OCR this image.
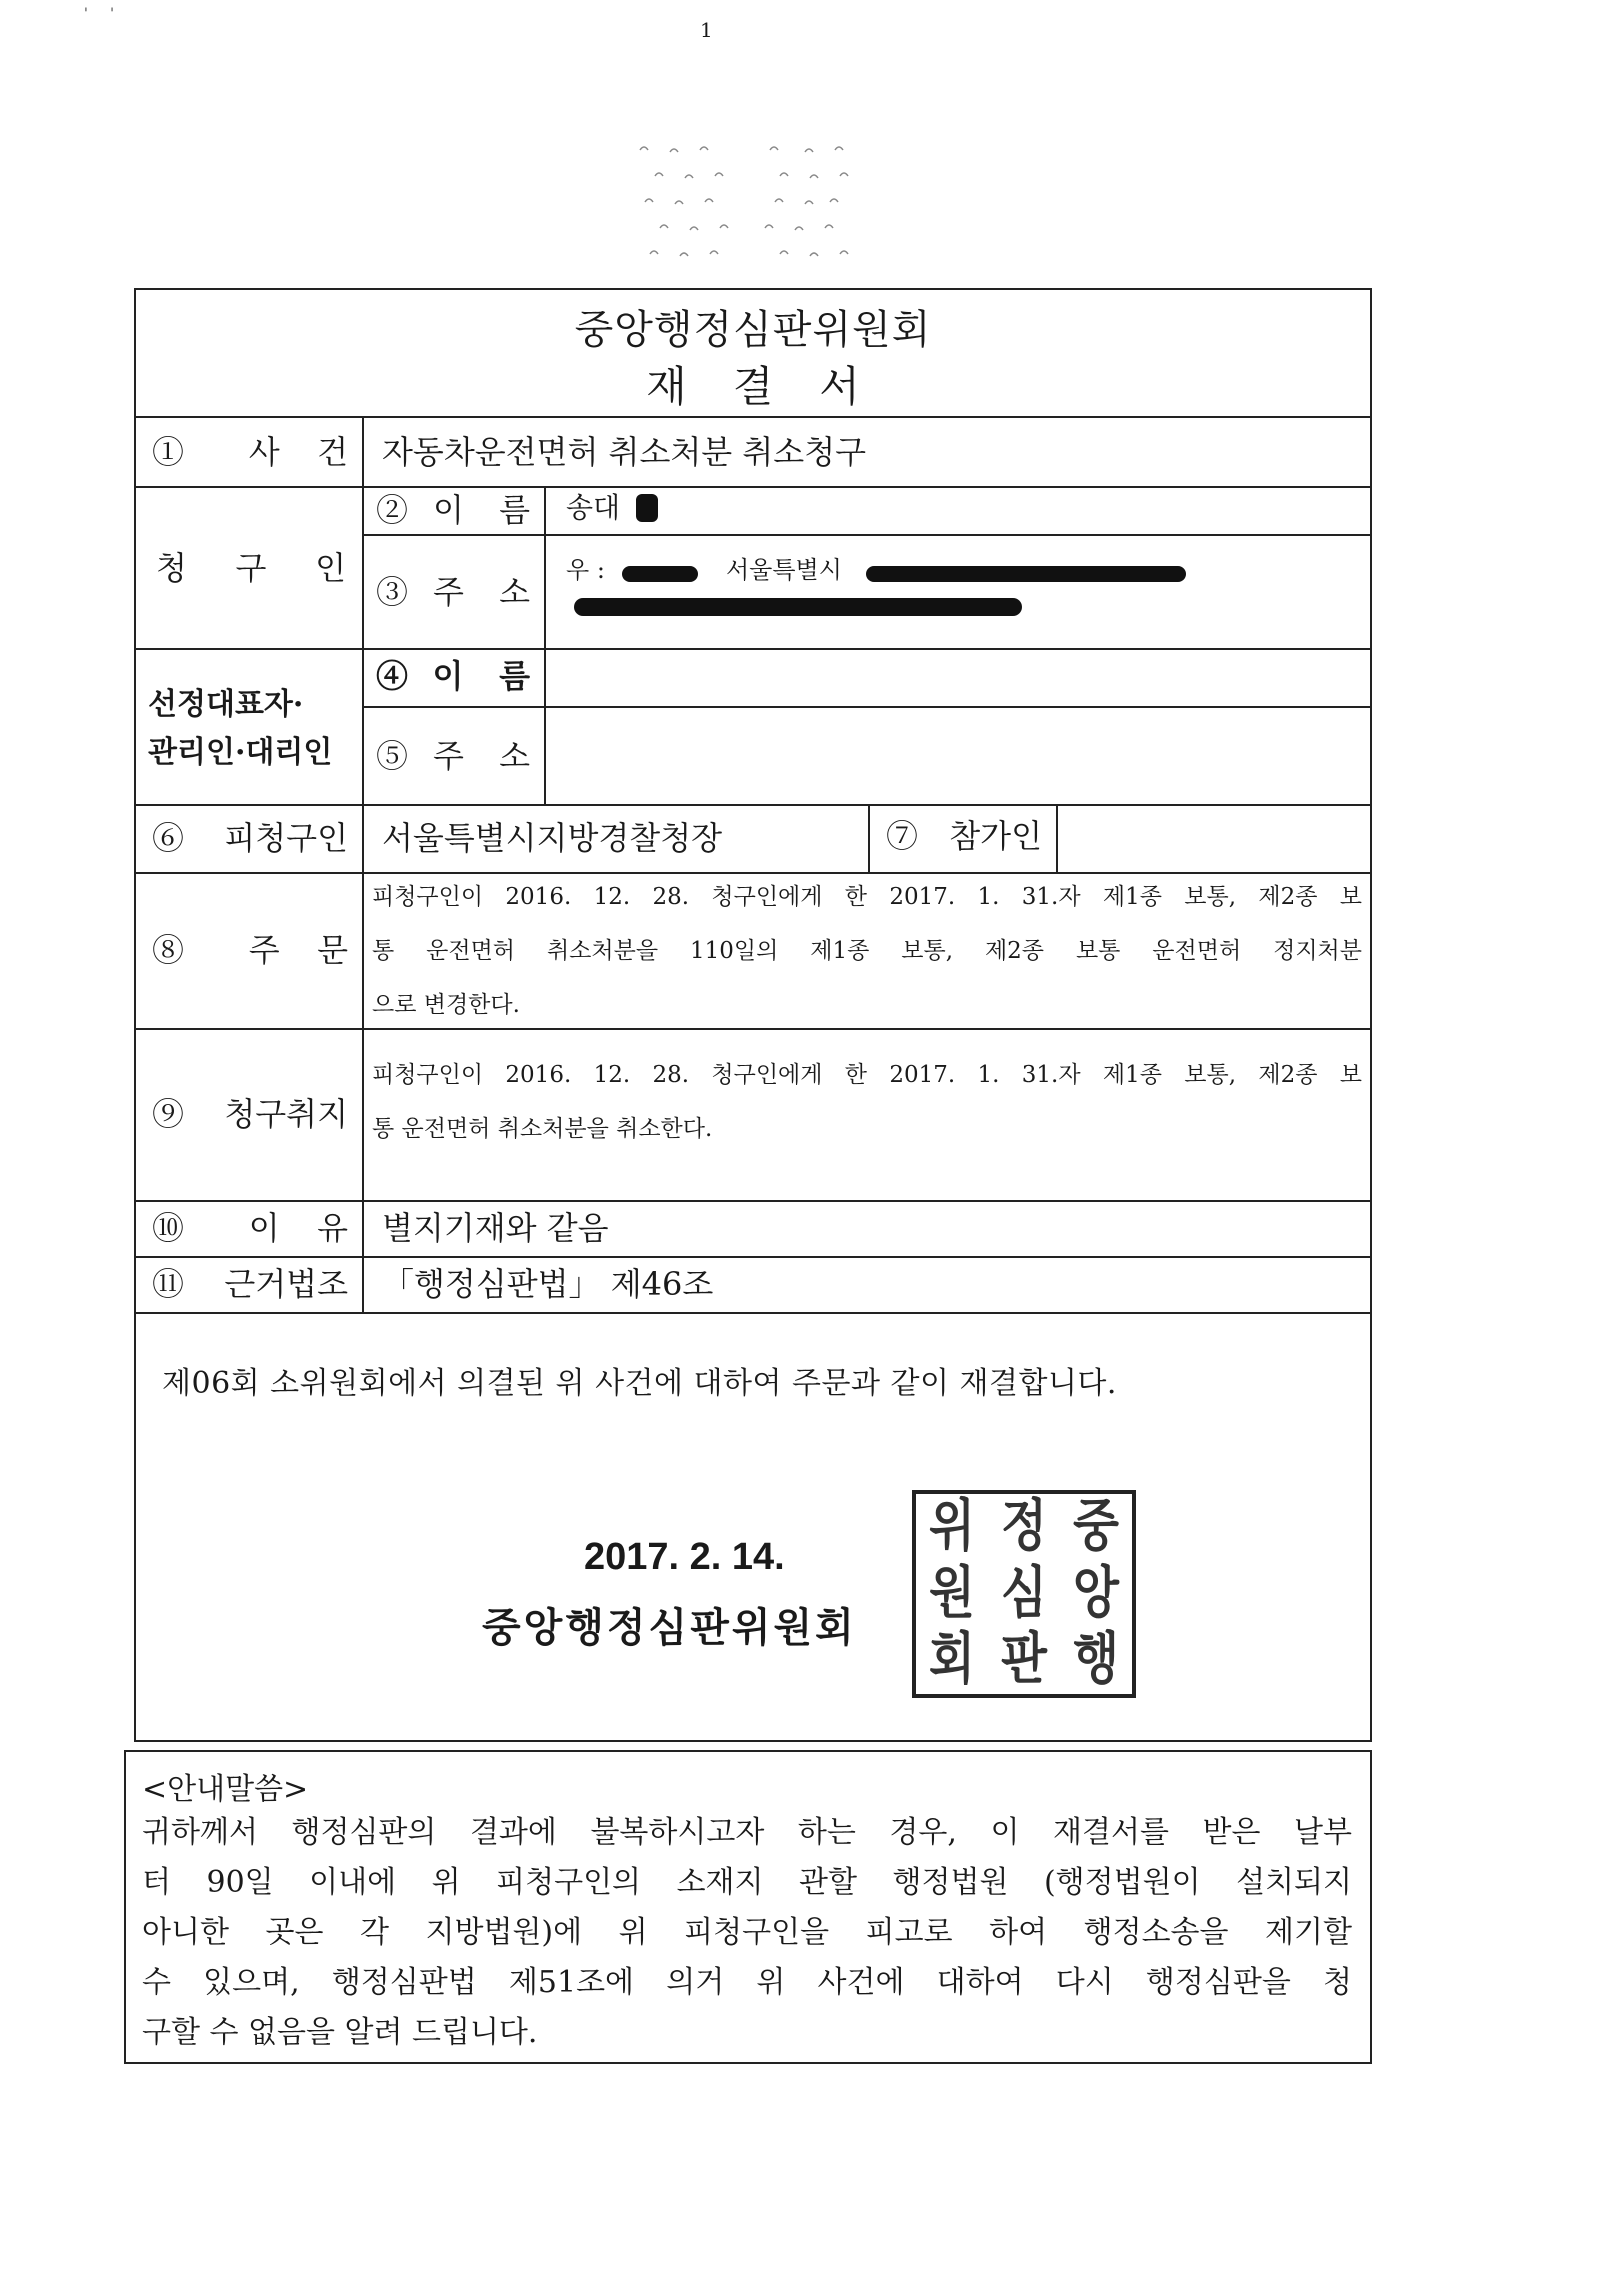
1
'     '
중앙행정심판위원회
재결서
① 사 건 자동차운전면허 취소처분 취소청구
청 구 인
②이 름 송대
③주 소
우 :	서울특별시
선정대표자·
관리인·대리인
④이 름
⑤주 소
⑥ 피청구인 서울특별시지방경찰청장	⑦ 참가인
⑧ 주 문
피청구인이 2016. 12. 28. 청구인에게 한 2017. 1. 31.자 제1종 보통, 제2종 보
통 운전면허 취소처분을 110일의 제1종 보통, 제2종 보통 운전면허 정지처분
으로 변경한다.
⑨ 청구취지
피청구인이 2016. 12. 28. 청구인에게 한 2017. 1. 31.자 제1종 보통, 제2종 보
통 운전면허 취소처분을 취소한다.
⑩ 이 유 별지기재와 같음
⑪ 근거법조 「행정심판법」 제46조
제06회 소위원회에서 의결된 위 사건에 대하여 주문과 같이 재결합니다.
2017. 2. 14.
중앙행정심판위원회
위 정 중
원 심 앙
회 판 행
<안내말씀>
귀하께서 행정심판의 결과에 불복하시고자 하는 경우, 이 재결서를 받은 날부
터 90일 이내에 위 피청구인의 소재지 관할 행정법원 (행정법원이 설치되지
아니한 곳은 각 지방법원)에 위 피청구인을 피고로 하여 행정소송을 제기할
수 있으며, 행정심판법 제51조에 의거 위 사건에 대하여 다시 행정심판을 청
구할 수 없음을 알려 드립니다.
